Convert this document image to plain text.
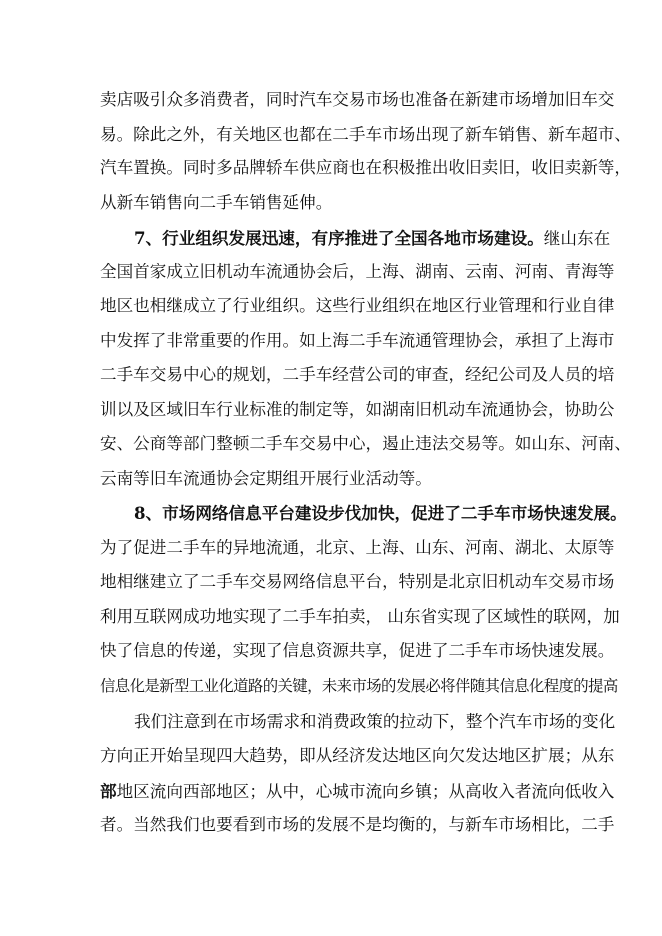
卖店吸引众多消费者，同时汽车交易市场也准备在新建市场增加旧车交
易。除此之外，有关地区也都在二手车市场出现了新车销售、新车超市、
汽车置换。同时多品牌轿车供应商也在积极推出收旧卖旧，收旧卖新等，
从新车销售向二手车销售延伸。
7、行业组织发展迅速，有序推进了全国各地市场建设。继山东在
全国首家成立旧机动车流通协会后，上海、湖南、云南、河南、青海等
地区也相继成立了行业组织。这些行业组织在地区行业管理和行业自律
中发挥了非常重要的作用。如上海二手车流通管理协会，承担了上海市
二手车交易中心的规划，二手车经营公司的审查，经纪公司及人员的培
训以及区域旧车行业标准的制定等，如湖南旧机动车流通协会，协助公
安、公商等部门整顿二手车交易中心，遏止违法交易等。如山东、河南、
云南等旧车流通协会定期组开展行业活动等。
8、市场网络信息平台建设步伐加快，促进了二手车市场快速发展。
为了促进二手车的异地流通，北京、上海、山东、河南、湖北、太原等
地相继建立了二手车交易网络信息平台，特别是北京旧机动车交易市场
利用互联网成功地实现了二手车拍卖， 山东省实现了区域性的联网，加
快了信息的传递，实现了信息资源共享，促进了二手车市场快速发展。
信息化是新型工业化道路的关键，未来市场的发展必将伴随其信息化程度的提高
我们注意到在市场需求和消费政策的拉动下，整个汽车市场的变化
方向正开始呈现四大趋势，即从经济发达地区向欠发达地区扩展；从东
部地区流向西部地区；从中，心城市流向乡镇；从高收入者流向低收入
者。当然我们也要看到市场的发展不是均衡的，与新车市场相比，二手
